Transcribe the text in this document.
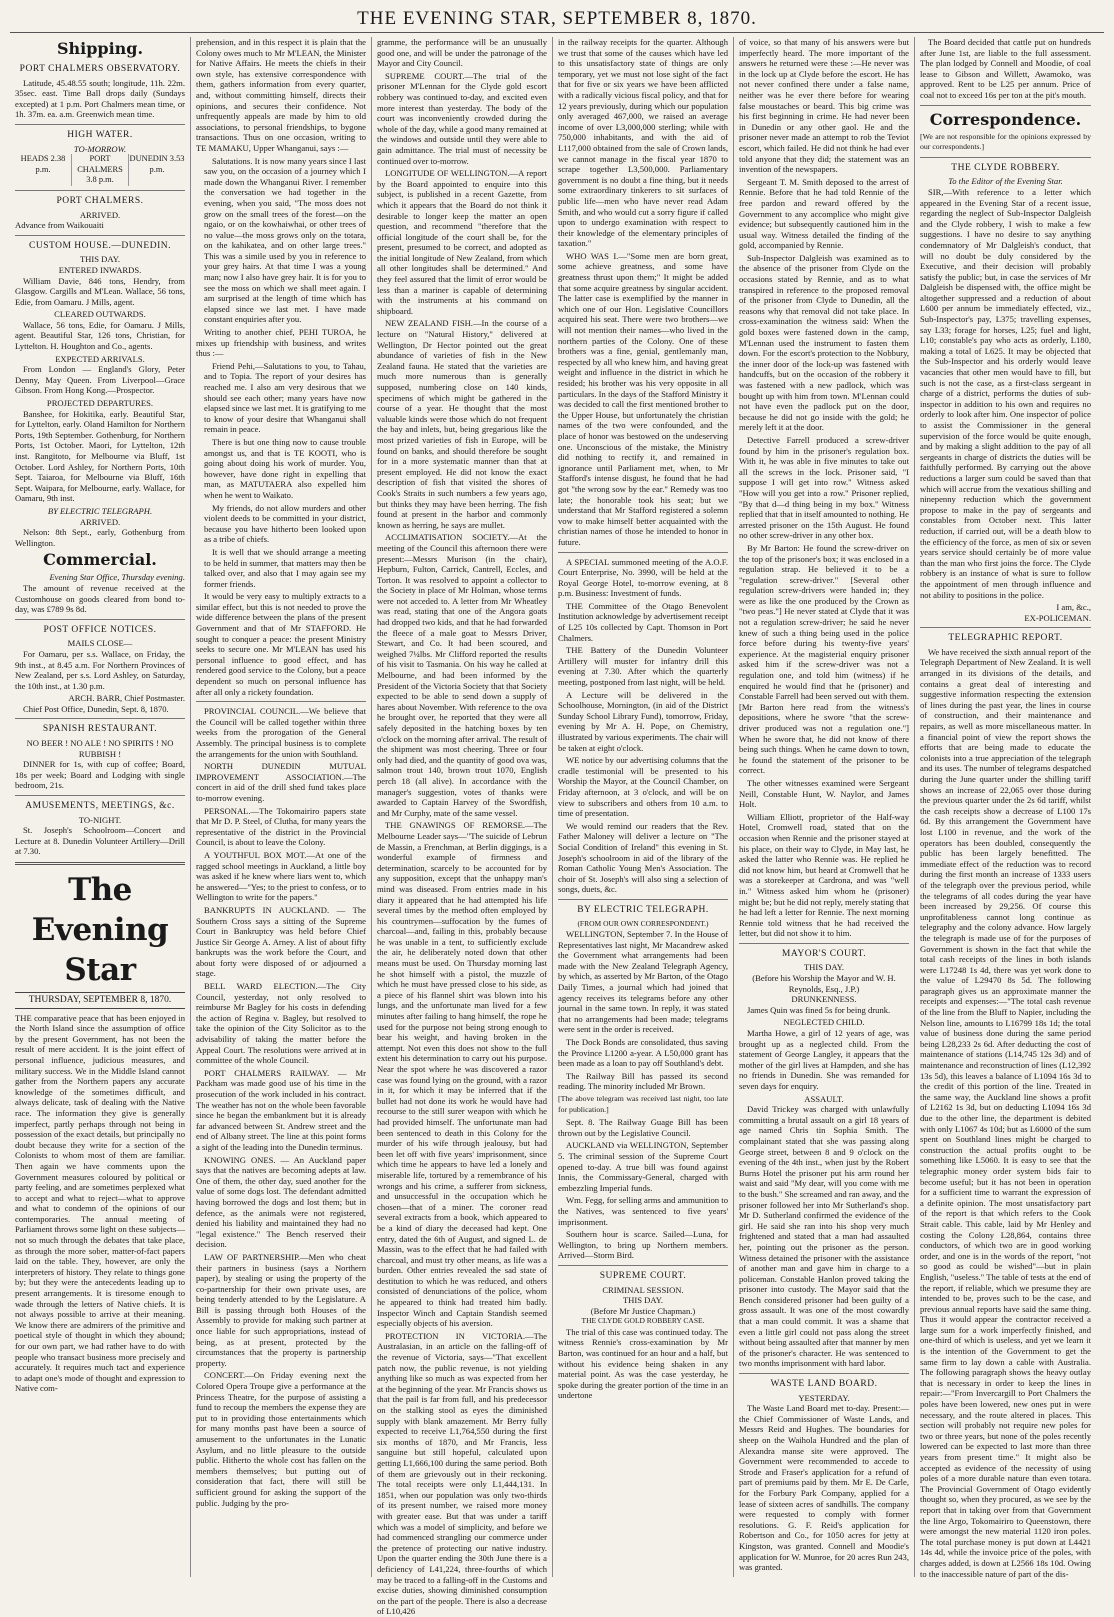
THE EVENING STAR, SEPTEMBER 8, 1870.
Shipping.
PORT CHALMERS OBSERVATORY.

Latitude, 45.48.55 south; longitude, 11h. 22m. 35sec. east. Time Ball drops daily (Sundays excepted) at 1 p.m. Port Chalmers mean time, or 1h. 37m. ea. a.m. Greenwich mean time.

HIGH WATER.
TO-MORROW.
HEADS 2.38 p.m.
PORT CHALMERS 3.8 p.m.
DUNEDIN 3.53 p.m.
PORT CHALMERS.
ARRIVED.

Advance from Waikouaiti

CUSTOM HOUSE.—DUNEDIN.
THIS DAY.
ENTERED INWARDS.

William Davie, 846 tons, Hendry, from Glasgow. Cargills and M'Lean. Wallace, 56 tons, Edie, from Oamaru. J Mills, agent.

CLEARED OUTWARDS.

Wallace, 56 tons, Edie, for Oamaru. J Mills, agent. Beautiful Star, 126 tons, Christian, for Lyttelton. H. Houghton and Co., agents.

EXPECTED ARRIVALS.

From London — England's Glory, Peter Denny, May Queen. From Liverpool—Grace Gibson. From Hong Kong.—Prospector.

PROJECTED DEPARTURES.

Banshee, for Hokitika, early. Beautiful Star, for Lyttelton, early. Oland Hamilton for Northern Ports, 19th September. Gothenburg, for Northern Ports, 1st October. Maori, for Lyttelton, 12th inst. Rangitoto, for Melbourne via Bluff, 1st October. Lord Ashley, for Northern Ports, 10th Sept. Taiaroa, for Melbourne via Bluff, 16th Sept. Waipara, for Melbourne, early. Wallace, for Oamaru, 9th inst.

BY ELECTRIC TELEGRAPH.
ARRIVED.

Nelson: 8th Sept., early, Gothenburg from Wellington.

Commercial.
Evening Star Office, Thursday evening.

The amount of revenue received at the Customhouse on goods cleared from bond to-day, was £789 9s 8d.

POST OFFICE NOTICES.
MAILS CLOSE—

For Oamaru, per s.s. Wallace, on Friday, the 9th inst., at 8.45 a.m. For Northern Provinces of New Zealand, per s.s. Lord Ashley, on Saturday, the 10th inst., at 1.30 p.m.

ARCH. BARR, Chief Postmaster.

Chief Post Office, Dunedin, Sept. 8, 1870.

SPANISH RESTAURANT.
NO BEER ! NO ALE ! NO SPIRITS ! NO RUBBISH !

DINNER for 1s, with cup of coffee; Board, 18s per week; Board and Lodging with single bedroom, 21s.

AMUSEMENTS, MEETINGS, &c.
TO-NIGHT.

St. Joseph's Schoolroom—Concert and Lecture at 8. Dunedin Volunteer Artillery—Drill at 7.30.

The Evening Star
THURSDAY, SEPTEMBER 8, 1870.

THE comparative peace that has been enjoyed in the North Island since the assumption of office by the present Government, has not been the result of mere accident. It is the joint effect of personal influence, judicious measures, and military success. We in the Middle Island cannot gather from the Northern papers any accurate knowledge of the sometimes difficult, and always delicate, task of dealing with the Native race. The information they give is generally imperfect, partly perhaps through not being in possession of the exact details, but principally no doubt because they write for a section of the Colonists to whom most of them are familiar. Then again we have comments upon the Government measures coloured by political or party feeling, and are sometimes perplexed what to accept and what to reject—what to approve and what to condemn of the opinions of our contemporaries. The annual meeting of Parliament throws some light on these subjects—not so much through the debates that take place, as through the more sober, matter-of-fact papers laid on the table. They, however, are only the interpreters of history. They relate to things gone by; but they were the antecedents leading up to present arrangements. It is tiresome enough to wade through the letters of Native chiefs. It is not always possible to arrive at their meaning. We know there are admirers of the primitive and poetical style of thought in which they abound; for our own part, we had rather have to do with people who transact business more precisely and accurately. It requires much tact and experience to adapt one's mode of thought and expression to Native com-

prehension, and in this respect it is plain that the Colony owes much to Mr M'LEAN, the Minister for Native Affairs. He meets the chiefs in their own style, has extensive correspondence with them, gathers information from every quarter, and, without committing himself, directs their opinions, and secures their confidence. Not unfrequently appeals are made by him to old associations, to personal friendships, to bygone transactions. Thus on one occasion, writing to TE MAMAKU, Upper Whanganui, says :—

Salutations. It is now many years since I last saw you, on the occasion of a journey which I made down the Whanganui River. I remember the conversation we had together in the evening, when you said, "The moss does not grow on the small trees of the forest—on the ngaio, or on the kowhaiwhai, or other trees of no value—the moss grows only on the totara, on the kahikatea, and on other large trees." This was a simile used by you in reference to your grey hairs. At that time I was a young man; now I also have grey hair. It is for you to see the moss on which we shall meet again. I am surprised at the length of time which has elapsed since we last met. I have made constant enquiries after you.

Writing to another chief, PEHI TUROA, he mixes up friendship with business, and writes thus :—

Friend Pehi,—Salutations to you, to Tahau, and to Topia. The report of your desires has reached me. I also am very desirous that we should see each other; many years have now elapsed since we last met. It is gratifying to me to know of your desire that Whanganui shall remain in peace.

There is but one thing now to cause trouble amongst us, and that is TE KOOTI, who is going about doing his work of murder. You, however, have done right in expelling that man, as MATUTAERA also expelled him when he went to Waikato.

My friends, do not allow murders and other violent deeds to be committed in your district, because you have hitherto been looked upon as a tribe of chiefs.

It is well that we should arrange a meeting to be held in summer, that matters may then be talked over, and also that I may again see my former friends.

It would be very easy to multiply extracts to a similar effect, but this is not needed to prove the wide difference between the plans of the present Government and that of Mr STAFFORD. He sought to conquer a peace: the present Ministry seeks to secure one. Mr M'LEAN has used his personal influence to good effect, and has rendered good service to the Colony, but a peace dependent so much on personal influence has after all only a rickety foundation.

PROVINCIAL COUNCIL.—We believe that the Council will be called together within three weeks from the prorogation of the General Assembly. The principal business is to complete the arrangements for the union with Southland.

NORTH DUNEDIN MUTUAL IMPROVEMENT ASSOCIATION.—The concert in aid of the drill shed fund takes place to-morrow evening.

PERSONAL.—The Tokomairiro papers state that Mr D. P. Steel, of Clutha, for many years the representative of the district in the Provincial Council, is about to leave the Colony.

A YOUTHFUL BOX MOT.—At one of the ragged school meetings in Auckland, a little boy was asked if he knew where liars went to, which he answered—"Yes; to the priest to confess, or to Wellington to write for the papers."

BANKRUPTS IN AUCKLAND. — The Southern Cross says a sitting of the Supreme Court in Bankruptcy was held before Chief Justice Sir George A. Arney. A list of about fifty bankrupts was the work before the Court, and about forty were disposed of or adjourned a stage.

BELL WARD ELECTION.—The City Council, yesterday, not only resolved to reimburse Mr Bagley for his costs in defending the action of Regina v. Bagley, but resolved to take the opinion of the City Solicitor as to the advisability of taking the matter before the Appeal Court. The resolutions were arrived at in committee of the whole Council.

PORT CHALMERS RAILWAY. — Mr Packham was made good use of his time in the prosecution of the work included in his contract. The weather has not on the whole been favorable since he began the embankment but it is already far advanced between St. Andrew street and the end of Albany street. The line at this point forms a sight of the leading into the Dunedin terminus.

KNOWING ONES. — An Auckland paper says that the natives are becoming adepts at law. One of them, the other day, sued another for the value of some dogs lost. The defendant admitted having borrowed the dogs and lost them; but in defence, as the animals were not registered, denied his liability and maintained they had no "legal existence." The Bench reserved their decision.

LAW OF PARTNERSHIP.—Men who cheat their partners in business (says a Northern paper), by stealing or using the property of the co-partnership for their own private uses, are being tenderly attended to by the Legislature. A Bill is passing through both Houses of the Assembly to provide for making such partner at once liable for such appropriations, instead of being, as at present, protected by the circumstances that the property is partnership property.

CONCERT.—On Friday evening next the Colored Opera Troupe give a performance at the Princess Theatre, for the purpose of assisting a fund to recoup the members the expense they are put to in providing those entertainments which for many months past have been a source of amusement to the unfortunates in the Lunatic Asylum, and no little pleasure to the outside public. Hitherto the whole cost has fallen on the members themselves; but putting out of consideration that fact, there will still be sufficient ground for asking the support of the public. Judging by the pro-

gramme, the performance will be an unusually good one, and will be under the patronage of the Mayor and City Council.

SUPREME COURT.—The trial of the prisoner M'Lennan for the Clyde gold escort robbery was continued to-day, and excited even more interest than yesterday. The body of the court was inconveniently crowded during the whole of the day, while a good many remained at the windows and outside until they were able to gain admittance. The trial must of necessity be continued over to-morrow.

LONGITUDE OF WELLINGTON.—A report by the Board appointed to enquire into this subject, is published in a recent Gazette, from which it appears that the Board do not think it desirable to longer keep the matter an open question, and recommend "therefore that the official longitude of the court shall be, for the present, presumed to be correct, and adopted as the initial longitude of New Zealand, from which all other longitudes shall be determined." And they feel assured that the limit of error would be less than a mariner is capable of determining with the instruments at his command on shipboard.

NEW ZEALAND FISH.—In the course of a lecture on "Natural History," delivered at Wellington, Dr Hector pointed out the great abundance of varieties of fish in the New Zealand fauna. He stated that the varieties are much more numerous than is generally supposed, numbering close on 140 kinds, specimens of which might be gathered in the course of a year. He thought that the most valuable kinds were those which do not frequent the bay and inlets, but, being gregarious like the most prized varieties of fish in Europe, will be found on banks, and should therefore be sought for in a more systematic manner than that at present employed. He did not know the exact description of fish that visited the shores of Cook's Straits in such numbers a few years ago, but thinks they may have been herring. The fish found at present in the harbor and commonly known as herring, he says are mullet.

ACCLIMATISATION SOCIETY.—At the meeting of the Council this afternoon there were present:—Messrs Murison (in the chair), Hepburn, Fulton, Carrick, Cantrell, Eccles, and Torton. It was resolved to appoint a collector to the Society in place of Mr Holman, whose terms were not acceded to. A letter from Mr Wheatley was read, stating that one of the Angora goats had dropped two kids, and that he had forwarded the fleece of a male goat to Messrs Driver, Stewart, and Co. It had been scoured, and weighed 7¼lbs. Mr Clifford reported the results of his visit to Tasmania. On his way he called at Melbourne, and had been informed by the President of the Victoria Society that that Society expected to be able to send down a supply of hares about November. With reference to the ova he brought over, he reported that they were all safely deposited in the hatching boxes by ten o'clock on the morning after arrival. The result of the shipment was most cheering. Three or four only had died, and the quantity of good ova was, salmon trout 140, brown trout 1070, English perch 18 (all alive). In accordance with the manager's suggestion, votes of thanks were awarded to Captain Harvey of the Swordfish, and Mr Curphy, mate of the same vessel.

THE GNAWINGS OF REMORSE.—The Melbourne Leader says—"The suicide of Lebrun de Massin, a Frenchman, at Berlin diggings, is a wonderful example of firmness and determination, scarcely to be accounted for by any supposition, except that the unhappy man's mind was diseased. From entries made in his diary it appeared that he had attempted his life several times by the method often employed by his countrymen—suffocation by the fumes of charcoal—and, failing in this, probably because he was unable in a tent, to sufficiently exclude the air, he deliberately noted down that other means must be used. On Thursday morning last he shot himself with a pistol, the muzzle of which he must have pressed close to his side, as a piece of his flannel shirt was blown into his lungs, and the unfortunate man lived for a few minutes after failing to hang himself, the rope he used for the purpose not being strong enough to bear his weight, and having broken in the attempt. Not even this does not show to the full extent his determination to carry out his purpose. Near the spot where he was discovered a razor case was found lying on the ground, with a razor in it, for which it may be inferred that if the bullet had not done its work he would have had recourse to the still surer weapon with which he had provided himself. The unfortunate man had been sentenced to death in this Colony for the murder of his wife through jealousy, but had been let off with five years' imprisonment, since which time he appears to have led a lonely and miserable life, tortured by a remembrance of his wrongs and his crime, a sufferer from sickness, and unsuccessful in the occupation which he chosen—that of a miner. The coroner read several extracts from a book, which appeared to be a kind of diary the deceased had kept. One entry, dated the 6th of August, and signed L. de Massin, was to the effect that he had failed with charcoal, and must try other means, as life was a burden. Other entries revealed the sad state of destitution to which he was reduced, and others consisted of denunciations of the police, whom he appeared to think had treated him badly. Inspector Winch and Captain Standish seemed especially objects of his aversion.

PROTECTION IN VICTORIA.—The Australasian, in an article on the falling-off of the revenue of Victoria, says—"That excellent patch now, the public revenue, is not yielding anything like so much as was expected from her at the beginning of the year. Mr Francis shows us that the pail is far from full, and his predecessor on the stalking stool as eyes the diminished supply with blank amazement. Mr Berry fully expected to receive L1,764,550 during the first six months of 1870, and Mr Francis, less sanguine but still hopeful, calculated upon getting L1,666,100 during the same period. Both of them are grievously out in their reckoning. The total receipts were only L1,444,131. In 1851, when our population was only two-thirds of its present number, we raised more money with greater ease. But that was under a tariff which was a model of simplicity, and before we had commenced strangling our commerce under the pretence of protecting our native industry. Upon the quarter ending the 30th June there is a deficiency of L41,224, three-fourths of which may be traced to a falling-off in the Customs and excise duties, showing diminished consumption on the part of the people. There is also a decrease of L10,426

in the railway receipts for the quarter. Although we trust that some of the causes which have led to this unsatisfactory state of things are only temporary, yet we must not lose sight of the fact that for five or six years we have been afflicted with a radically vicious fiscal policy, and that for 12 years previously, during which our population only averaged 467,000, we raised an average income of over L3,000,000 sterling; while with 750,000 inhabitants, and with the aid of L117,000 obtained from the sale of Crown lands, we cannot manage in the fiscal year 1870 to scrape together L3,500,000. Parliamentary government is no doubt a fine thing, but it needs some extraordinary tinkerers to sit surfaces of public life—men who have never read Adam Smith, and who would cut a sorry figure if called upon to undergo examination with respect to their knowledge of the elementary principles of taxation."

WHO WAS I.—"Some men are born great, some achieve greatness, and some have greatness thrust upon them;" It might be added that some acquire greatness by singular accident. The latter case is exemplified by the manner in which one of our Hon. Legislative Councillors acquired his seat. There were two brothers—we will not mention their names—who lived in the northern parties of the Colony. One of these brothers was a fine, genial, gentlemanly man, respected by all who knew him, and having great weight and influence in the district in which he resided; his brother was his very opposite in all particulars. In the days of the Stafford Ministry it was decided to call the first mentioned brother to the Upper House, but unfortunately the christian names of the two were confounded, and the place of honor was bestowed on the undeserving one. Unconscious of the mistake, the Ministry did nothing to rectify it, and remained in ignorance until Parliament met, when, to Mr Stafford's intense disgust, he found that he had got "the wrong sow by the ear." Remedy was too late; the honorable took his seat; but we understand that Mr Stafford registered a solemn vow to make himself better acquainted with the christian names of those he intended to honor in future.

A SPECIAL summoned meeting of the A.O.F. Court Enterprise, No. 3990, will be held at the Royal George Hotel, to-morrow evening, at 8 p.m. Business: Investment of funds.

THE Committee of the Otago Benevolent Institution acknowledge by advertisement receipt of L25 10s collected by Capt. Thomson in Port Chalmers.

THE Battery of the Dunedin Volunteer Artillery will muster for infantry drill this evening at 7.30. After which the quarterly meeting, postponed from last night, will be held.

A Lecture will be delivered in the Schoolhouse, Mornington, (in aid of the District Sunday School Library Fund), tomorrow, Friday, evening by Mr A. H. Pope, on Chemistry, illustrated by various experiments. The chair will be taken at eight o'clock.

WE notice by our advertising columns that the cradle testimonial will be presented to his Worship the Mayor, at the Council Chamber, on Friday afternoon, at 3 o'clock, and will be on view to subscribers and others from 10 a.m. to time of presentation.

We would remind our readers that the Rev. Father Maloney will deliver a lecture on "The Social Condition of Ireland" this evening in St. Joseph's schoolroom in aid of the library of the Roman Catholic Young Men's Association. The choir of St. Joseph's will also sing a selection of songs, duets, &c.

BY ELECTRIC TELEGRAPH.
(FROM OUR OWN CORRESPONDENT.)

WELLINGTON, September 7. In the House of Representatives last night, Mr Macandrew asked the Government what arrangements had been made with the New Zealand Telegraph Agency, by which, as asserted by Mr Barton, of the Otago Daily Times, a journal which had joined that agency receives its telegrams before any other journal in the same town. In reply, it was stated that no arrangements had been made; telegrams were sent in the order is received.

The Dock Bonds are consolidated, thus saving the Province L1200 a-year. A L50,000 grant has been made as a loan to pay off Southland's debt.

The Railway Bill has passed its second reading. The minority included Mr Brown.

[The above telegram was received last night, too late for publication.]

Sept. 8. The Railway Guage Bill has been thrown out by the Legislative Council.

AUCKLAND via WELLINGTON, September 5. The criminal session of the Supreme Court opened to-day. A true bill was found against Innis, the Commissary-General, charged with embezzling Imperial funds.

Wm. Fegg, for selling arms and ammunition to the Natives, was sentenced to five years' imprisonment.

Southern hour is scarce. Sailed—Luna, for Wellington, to bring up Northern members. Arrived—Storm Bird.

SUPREME COURT.
CRIMINAL SESSION.
THIS DAY.
(Before Mr Justice Chapman.)
THE CLYDE GOLD ROBBERY CASE.

The trial of this case was continued today. The witness Rennie's cross-examination by Mr Barton, was continued for an hour and a half, but without his evidence being shaken in any material point. As was the case yesterday, he spoke during the greater portion of the time in an undertone

of voice, so that many of his answers were but imperfectly heard. The more important of the answers he returned were these :—He never was in the lock up at Clyde before the escort. He has not never confined there under a false name, neither was he ever there before for wearing false moustaches or beard. This big crime was his first beginning in crime. He had never been in Dunedin or any other gaol. He and the prisoner never made an attempt to rob the Teviot escort, which failed. He did not think he had ever told anyone that they did; the statement was an invention of the newspapers.

Sergeant T. M. Smith deposed to the arrest of Rennie. Before that he had told Rennie of the free pardon and reward offered by the Government to any accomplice who might give evidence; but subsequently cautioned him in the usual way. Witness detailed the finding of the gold, accompanied by Rennie.

Sub-Inspector Dalgleish was examined as to the absence of the prisoner from Clyde on the occasions stated by Rennie, and as to what transpired in reference to the proposed removal of the prisoner from Clyde to Dunedin, all the reasons why that removal did not take place. In cross-examination the witness said: When the gold boxes were fastened down in the camp, M'Lennan used the instrument to fasten them down. For the escort's protection to the Nobbury, the inner door of the lock-up was fastened with handcuffs, but on the occasion of the robbery it was fastened with a new padlock, which was bought up with him from town. M'Lennan could not have even the padlock put on the door, because he did not go inside with the gold; he merely left it at the door.

Detective Farrell produced a screw-driver found by him in the prisoner's regulation box. With it, he was able in five minutes to take out all the screws in the lock. Prisoner said, "I suppose I will get into row." Witness asked "How will you get into a row." Prisoner replied, "By that d—d thing being in my box." Witness replied that that in itself amounted to nothing. He arrested prisoner on the 15th August. He found no other screw-driver in any other box.

By Mr Barton: He found the screw-driver on the top of the prisoner's box; it was enclosed in a regulation strap. He believed it to be a "regulation screw-driver." [Several other regulation screw-drivers were handed in; they were as like the one produced by the Crown as "two peas."] He never stated at Clyde that it was not a regulation screw-driver; he said he never knew of such a thing being used in the police force before during his twenty-five years' experience. At the magisterial enquiry prisoner asked him if the screw-driver was not a regulation one, and told him (witness) if he enquired he would find that he (prisoner) and Constable Farrell had been served out with them. [Mr Barton here read from the witness's depositions, where he swore "that the screw-driver produced was not a regulation one."] When he swore that, he did not know of there being such things. When he came down to town, he found the statement of the prisoner to be correct.

The other witnesses examined were Sergeant Neill, Constable Hunt, W. Naylor, and James Holt.

William Elliott, proprietor of the Half-way Hotel, Cromwell road, stated that on the occasion when Rennie and the prisoner stayed at his place, on their way to Clyde, in May last, he asked the latter who Rennie was. He replied he did not know him, but heard at Cromwell that he was a storekeeper at Cardrona, and was "well in." Witness asked him whom he (prisoner) might be; but he did not reply, merely stating that he had left a letter for Rennie. The next morning Rennie told witness that he had received the letter, but did not show it to him.

MAYOR'S COURT.
THIS DAY.
(Before his Worship the Mayor and W. H. Reynolds, Esq., J.P.)
DRUNKENNESS.

James Quin was fined 5s for being drunk.

NEGLECTED CHILD.

Martha Howe, a girl of 12 years of age, was brought up as a neglected child. From the statement of George Langley, it appears that the mother of the girl lives at Hampden, and she has no friends in Dunedin. She was remanded for seven days for enquiry.

ASSAULT.

David Trickey was charged with unlawfully committing a brutal assault on a girl 18 years of age named Chris tin Sophia Smith. The complainant stated that she was passing along George street, between 8 and 9 o'clock on the evening of the 4th inst., when just by the Robert Burns Hotel the prisoner put his arm round her waist and said "My dear, will you come with me to the bush." She screamed and ran away, and the prisoner followed her into Mr Sutherland's shop. Mr D. Sutherland confirmed the evidence of the girl. He said she ran into his shop very much frightened and stated that a man had assaulted her, pointing out the prisoner as the person. Witness detained the prisoner with the assistance of another man and gave him in charge to a policeman. Constable Hanlon proved taking the prisoner into custody. The Mayor said that the Bench considered prisoner had been guilty of a gross assault. It was one of the most cowardly that a man could commit. It was a shame that even a little girl could not pass along the street without being assaulted after that manner by men of the prisoner's character. He was sentenced to two months imprisonment with hard labor.

WASTE LAND BOARD.
YESTERDAY.

The Waste Land Board met to-day. Present:—the Chief Commissioner of Waste Lands, and Messrs Reid and Hughes. The boundaries for sheep on the Waihola Hundred and the plan of Alexandra manse site were approved. The Government were recommended to accede to Strode and Fraser's application for a refund of part of premiums paid by them. Mr E. De Carle, for the Forbury Park Company, applied for a lease of sixteen acres of sandhills. The company were requested to comply with former resolutions. G. F. Reid's application for Robertson and Co., for 1050 acres for jetty at Kingston, was granted. Connell and Moodie's application for W. Munroe, for 20 acres Run 243, was granted.

The Board decided that cattle put on hundreds after June 1st, are liable to the full assessment. The plan lodged by Connell and Moodie, of coal lease to Gibson and Willett, Awamoko, was approved. Rent to be L25 per annum. Price of coal not to exceed 16s per ton at the pit's mouth.

Correspondence.

[We are not responsible for the opinions expressed by our correspondents.]

THE CLYDE ROBBERY.
To the Editor of the Evening Star.

SIR,—With reference to a letter which appeared in the Evening Star of a recent issue, regarding the neglect of Sub-Inspector Dalgleish and the Clyde robbery, I wish to make a few suggestions. I have no desire to say anything condemnatory of Mr Dalgleish's conduct, that will no doubt be duly considered by the Executive, and their decision will probably satisfy the public; but, in case the services of Mr Dalgleish be dispensed with, the office might be altogether suppressed and a reduction of about L600 per annum be immediately effected, viz., Sub-Inspector's pay, L375; travelling expenses, say L33; forage for horses, L25; fuel and light, L10; constable's pay who acts as orderly, L180, making a total of L625. It may be objected that the Sub-Inspector and his orderly would leave vacancies that other men would have to fill, but such is not the case, as a first-class sergeant in charge of a district, performs the duties of sub-inspector in addition to his own and requires no orderly to look after him. One inspector of police to assist the Commissioner in the general supervision of the force would be quite enough, and by making a slight addition to the pay of all sergeants in charge of districts the duties will be faithfully performed. By carrying out the above reductions a larger sum could be saved than that which will accrue from the vexatious shilling and ninepenny reduction which the government propose to make in the pay of sergeants and constables from October next. This latter reduction, if carried out, will be a death blow to the efficiency of the force, as men of six or seven years service should certainly be of more value than the man who first joins the force. The Clyde robbery is an instance of what is sure to follow the appointment of men through influence and not ability to positions in the police.

I am, &c.,
EX-POLICEMAN.
TELEGRAPHIC REPORT.

We have received the sixth annual report of the Telegraph Department of New Zealand. It is well arranged in its divisions of the details, and contains a great deal of interesting and suggestive information respecting the extension of lines during the past year, the lines in course of construction, and their maintenance and repairs, as well as more miscellaneous matter. In a financial point of view the report shows the efforts that are being made to educate the colonists into a true appreciation of the telegraph and its uses. The number of telegrams despatched during the June quarter under the shilling tariff shows an increase of 22,065 over those during the previous quarter under the 2s 6d tariff, whilst the cash receipts show a decrease of L100 17s 6d. By this arrangement the Government have lost L100 in revenue, and the work of the operators has been doubled, consequently the public has been largely benefitted. The immediate effect of the reduction was to record during the first month an increase of 1333 users of the telegraph over the previous period, while the telegrams of all codes during the year have been increased by 29,256. Of course this unprofitableness cannot long continue as telegraphy and the colony advance. How largely the telegraph is made use of for the purposes of Government is shown in the fact that while the total cash receipts of the lines in both islands were L17248 1s 4d, there was yet work done to the value of L29470 8s 5d. The following paragraph gives us an approximate manner the receipts and expenses:—"The total cash revenue of the line from the Bluff to Napier, including the Nelson line, amounts to L16799 18s 1d; the total value of business done during the same period being L28,233 2s 6d. After deducting the cost of maintenance of stations (L14,745 12s 3d) and of maintenance and reconstruction of lines (L12,392 13s 5d), this leaves a balance of L1094 16s 3d to the credit of this portion of the line. Treated in the same way, the Auckland line shows a profit of L2162 1s 3d, but on deducting L1094 16s 3d due to the other line, the department is debited with only L1067 4s 10d; but as L6000 of the sum spent on Southland lines might be charged to construction the actual profits ought to be something like L5060. It is easy to see that the telegraphic money order system bids fair to become useful; but it has not been in operation for a sufficient time to warrant the expression of a definite opinion. The most unsatisfactory part of the report is that which refers to the Cook Strait cable. This cable, laid by Mr Henley and costing the Colony L28,864, contains three conductors, of which two are in good working order, and one is in the words of the report, "not so good as could be wished"—but in plain English, "useless." The table of tests at the end of the report, if reliable, which we presume they are intended to be, proves such to be the case, and previous annual reports have said the same thing. Thus it would appear the contractor received a large sum for a work imperfectly finished, and one-third of which is useless, and yet we learn it is the intention of the Government to get the same firm to lay down a cable with Australia. The following paragraph shows the heavy outlay that is necessary in order to keep the lines in repair:—"From Invercargill to Port Chalmers the poles have been lowered, new ones put in were necessary, and the route altered in places. This section will probably not require new poles for two or three years, but none of the poles recently lowered can be expected to last more than three years from present time." It might also be accepted as evidence of the necessity of using poles of a more durable nature than even totara. The Provincial Government of Otago evidently thought so, when they procured, as we see by the report that in taking over from that Government the line Argo, Tokomairiro to Queenstown, there were amongst the new material 1120 iron poles. The total purchase money is put down at L4421 14s 4d, while the invoice price of the poles, with charges added, is down at L2566 18s 10d. Owing to the inaccessible nature of part of the dis-
